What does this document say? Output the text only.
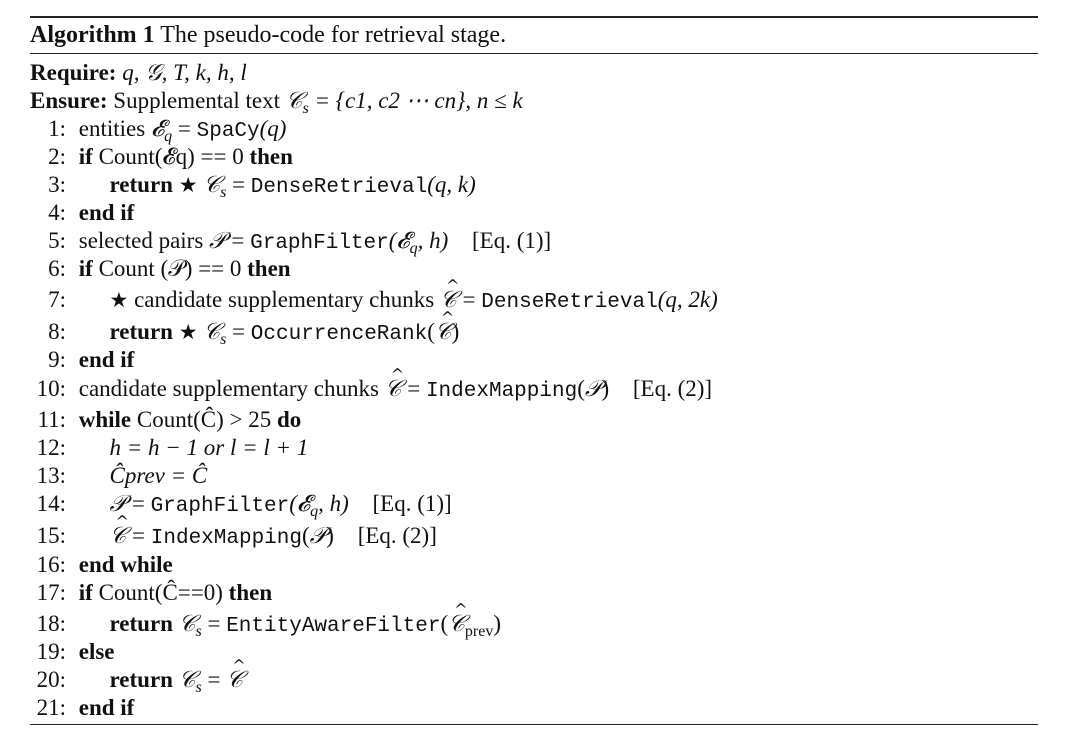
Algorithm 1 The pseudo-code for retrieval stage.
Require: q, 𝒢, T, k, h, l
Ensure: Supplemental text 𝒞$_s$ = {c1, c2 ⋯ cn}, n ≤ k
1: entities 𝓔$_q$ = SpaCy(q)
2: if Count(𝓔q) == 0 then
3: return ★ 𝒞$_s$ = DenseRetrieval(q, k)
4: end if
5: selected pairs 𝒫 = GraphFilter(𝓔$_q$, h) [Eq. (1)]
6: if Count (𝒫) == 0 then
7: ★ candidate supplementary chunks ^ 𝒞 = DenseRetrieval(q, 2k)
8: return ★ 𝒞$_s$ = OccurrenceRank(^ 𝒞)
9: end if
10: candidate supplementary chunks ^ 𝒞 = IndexMapping(𝒫) [Eq. (2)]
11: while Count(Ĉ) > 25 do
12: h = h − 1 or l = l + 1
13: Ĉprev = Ĉ
14: 𝒫 = GraphFilter(𝓔$_q$, h) [Eq. (1)]
15: ^ 𝒞 = IndexMapping(𝒫) [Eq. (2)]
16: end while
17: if Count(Ĉ==0) then
18: return 𝒞$_s$ = EntityAwareFilter(^ 𝒞$_{prev}$)
19: else
20: return 𝒞$_s$ = ^ 𝒞
21: end if
